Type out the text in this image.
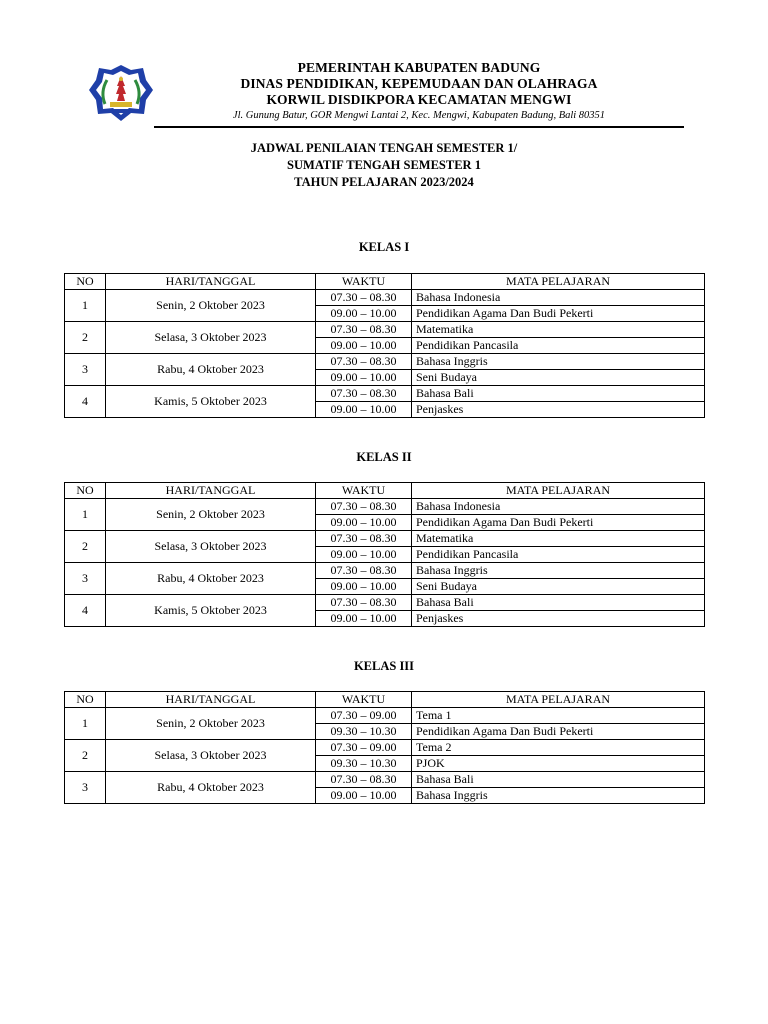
PEMERINTAH KABUPATEN BADUNG
DINAS PENDIDIKAN, KEPEMUDAAN DAN OLAHRAGA
KORWIL DISDIKPORA KECAMATAN MENGWI
Jl. Gunung Batur, GOR Mengwi Lantai 2, Kec. Mengwi, Kabupaten Badung, Bali 80351
JADWAL PENILAIAN TENGAH SEMESTER 1/
SUMATIF TENGAH SEMESTER 1
TAHUN PELAJARAN 2023/2024
KELAS I
NO	HARI/TANGGAL	WAKTU	MATA PELAJARAN
1	Senin, 2 Oktober 2023	07.30 – 08.30	Bahasa Indonesia
		09.00 – 10.00	Pendidikan Agama Dan Budi Pekerti
2	Selasa, 3 Oktober 2023	07.30 – 08.30	Matematika
		09.00 – 10.00	Pendidikan Pancasila
3	Rabu, 4 Oktober 2023	07.30 – 08.30	Bahasa Inggris
		09.00 – 10.00	Seni Budaya
4	Kamis, 5 Oktober 2023	07.30 – 08.30	Bahasa Bali
		09.00 – 10.00	Penjaskes
KELAS II
NO	HARI/TANGGAL	WAKTU	MATA PELAJARAN
1	Senin, 2 Oktober 2023	07.30 – 08.30	Bahasa Indonesia
		09.00 – 10.00	Pendidikan Agama Dan Budi Pekerti
2	Selasa, 3 Oktober 2023	07.30 – 08.30	Matematika
		09.00 – 10.00	Pendidikan Pancasila
3	Rabu, 4 Oktober 2023	07.30 – 08.30	Bahasa Inggris
		09.00 – 10.00	Seni Budaya
4	Kamis, 5 Oktober 2023	07.30 – 08.30	Bahasa Bali
		09.00 – 10.00	Penjaskes
KELAS III
NO	HARI/TANGGAL	WAKTU	MATA PELAJARAN
1	Senin, 2 Oktober 2023	07.30 – 09.00	Tema 1
		09.30 – 10.30	Pendidikan Agama Dan Budi Pekerti
2	Selasa, 3 Oktober 2023	07.30 – 09.00	Tema 2
		09.30 – 10.30	PJOK
3	Rabu, 4 Oktober 2023	07.30 – 08.30	Bahasa Bali
		09.00 – 10.00	Bahasa Inggris
